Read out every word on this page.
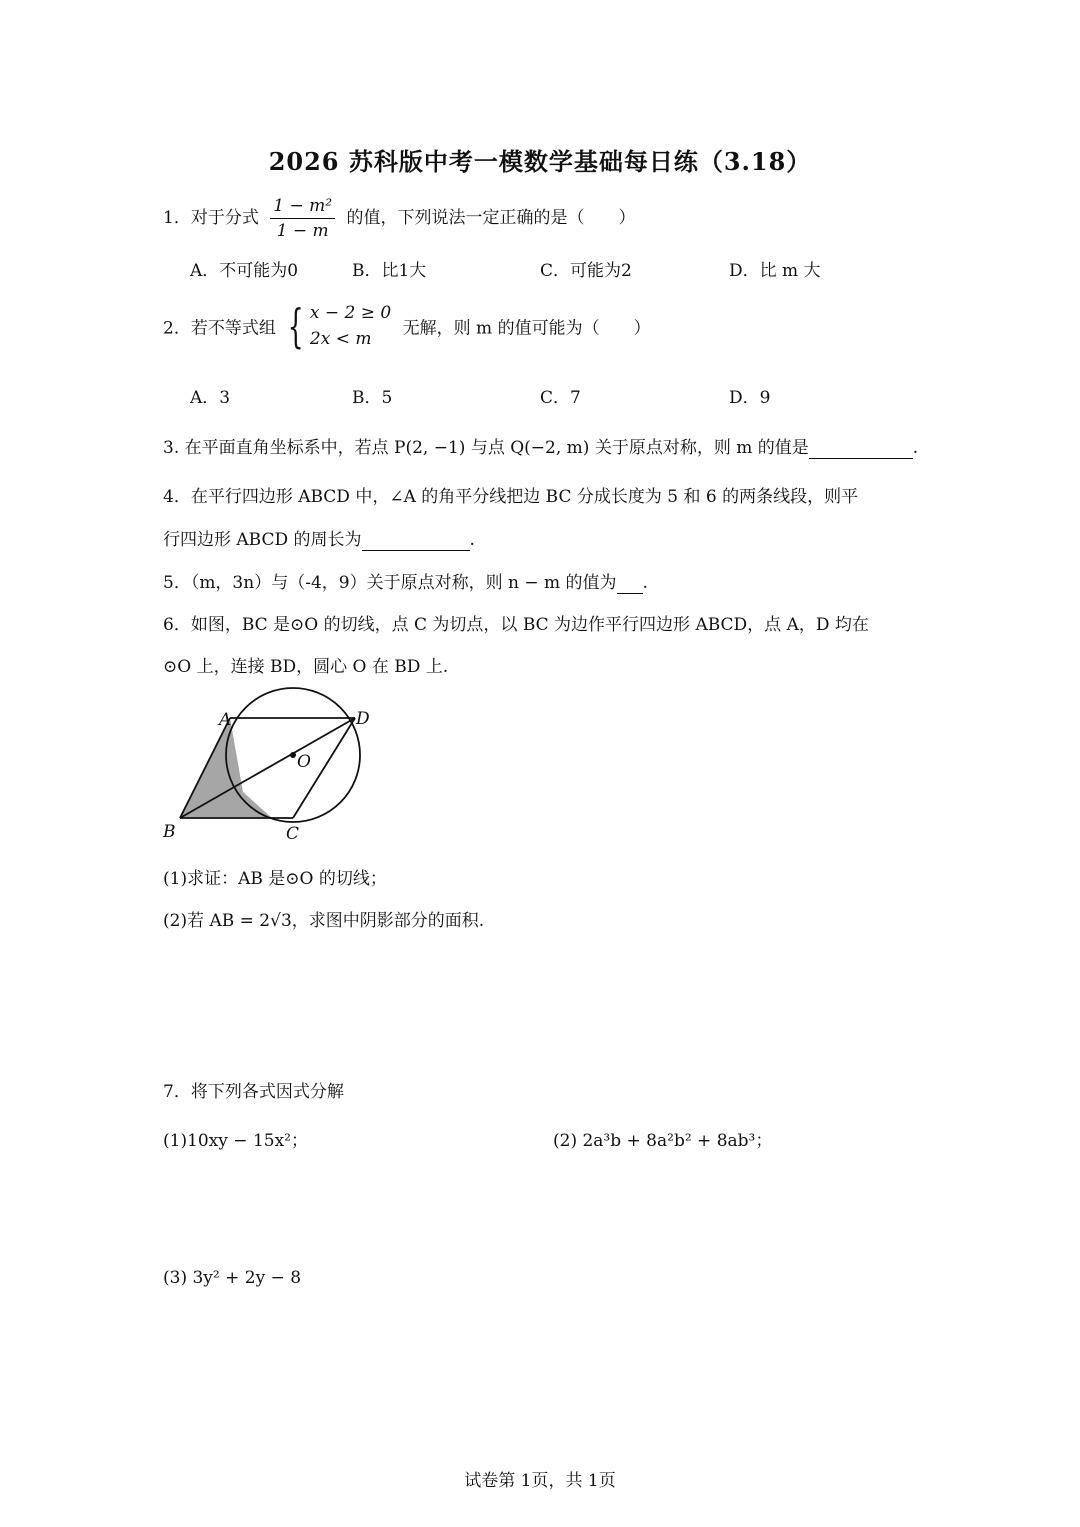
2026 苏科版中考一模数学基础每日练（3.18）
1．对于分式 $\frac{\text{1 − m²}}{1 - m}$ 的值，下列说法一定正确的是（　　）
A．不可能为0	B．比1大	C．可能为2	D．比 m 大
2．若不等式组 { x − 2 ≥ 0
2x < m
无解，则 m 的值可能为（　　）
A．3	B．5	C．7	D．9
3. 在平面直角坐标系中，若点 P(2, −1) 与点 Q(−2, m) 关于原点对称，则 m 的值是	.
4．在平行四边形 ABCD 中，∠A 的角平分线把边 BC 分成长度为 5 和 6 的两条线段，则平
行四边形 ABCD 的周长为	.
5．（m，3n）与（-4，9）关于原点对称，则 n − m 的值为 .
6．如图，BC 是⊙O 的切线，点 C 为切点，以 BC 为边作平行四边形 ABCD，点 A，D 均在
⊙O 上，连接 BD，圆心 O 在 BD 上.
A	D
O
B	C
(1)求证：AB 是⊙O 的切线；
(2)若 AB = 2√3，求图中阴影部分的面积.
7．将下列各式因式分解
(1)10xy − 15x²；	(2) 2a³b + 8a²b² + 8ab³；
(3) 3y² + 2y − 8
试卷第 1页，共 1页
